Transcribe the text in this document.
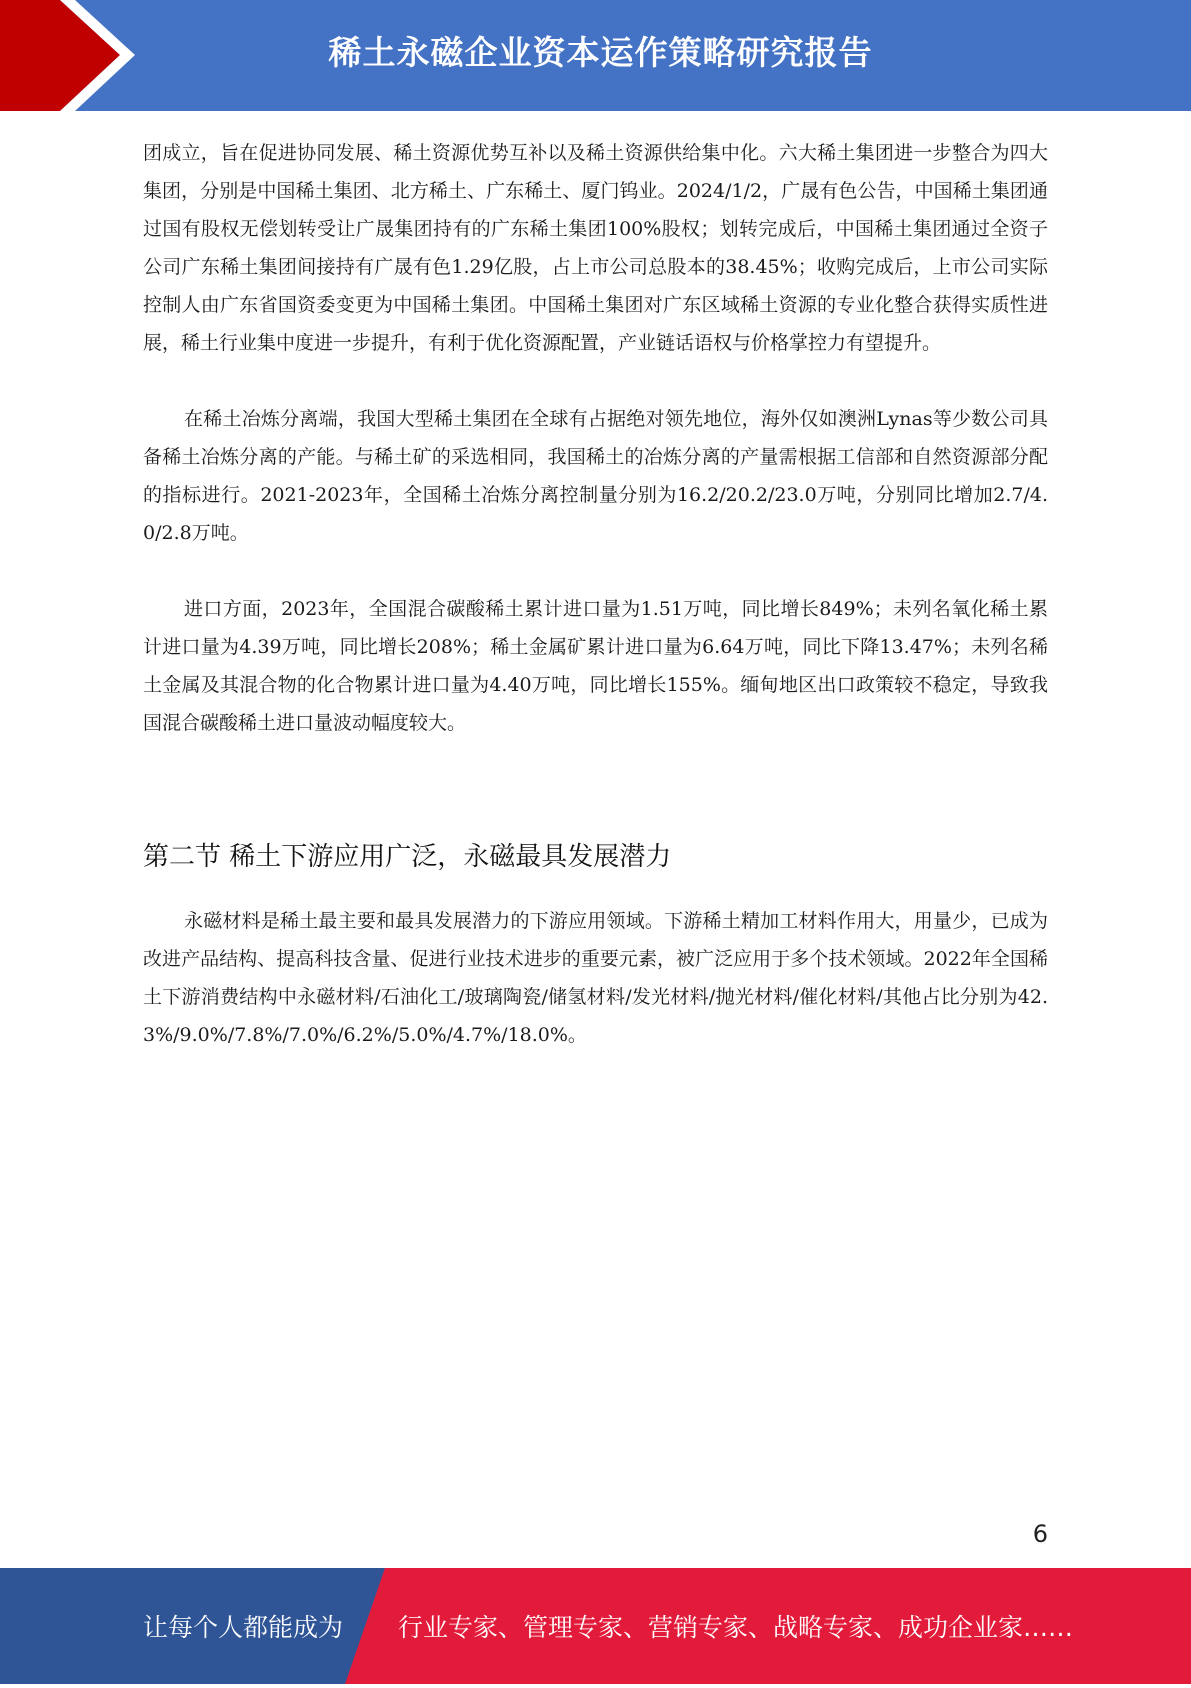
稀土永磁企业资本运作策略研究报告

团成立，旨在促进协同发展、稀土资源优势互补以及稀土资源供给集中化。六大稀土集团进一步整合为四大集团，分别是中国稀土集团、北方稀土、广东稀土、厦门钨业。2024/1/2，广晟有色公告，中国稀土集团通过国有股权无偿划转受让广晟集团持有的广东稀土集团100%股权；划转完成后，中国稀土集团通过全资子公司广东稀土集团间接持有广晟有色1.29亿股，占上市公司总股本的38.45%；收购完成后，上市公司实际控制人由广东省国资委变更为中国稀土集团。中国稀土集团对广东区域稀土资源的专业化整合获得实质性进展，稀土行业集中度进一步提升，有利于优化资源配置，产业链话语权与价格掌控力有望提升。

在稀土冶炼分离端，我国大型稀土集团在全球有占据绝对领先地位，海外仅如澳洲Lynas等少数公司具备稀土冶炼分离的产能。与稀土矿的采选相同，我国稀土的冶炼分离的产量需根据工信部和自然资源部分配的指标进行。2021-2023年，全国稀土冶炼分离控制量分别为16.2/20.2/23.0万吨，分别同比增加2.7/4.0/2.8万吨。

进口方面，2023年，全国混合碳酸稀土累计进口量为1.51万吨，同比增长849%；未列名氧化稀土累计进口量为4.39万吨，同比增长208%；稀土金属矿累计进口量为6.64万吨，同比下降13.47%；未列名稀土金属及其混合物的化合物累计进口量为4.40万吨，同比增长155%。缅甸地区出口政策较不稳定，导致我国混合碳酸稀土进口量波动幅度较大。

第二节 稀土下游应用广泛，永磁最具发展潜力

永磁材料是稀土最主要和最具发展潜力的下游应用领域。下游稀土精加工材料作用大，用量少，已成为改进产品结构、提高科技含量、促进行业技术进步的重要元素，被广泛应用于多个技术领域。2022年全国稀土下游消费结构中永磁材料/石油化工/玻璃陶瓷/储氢材料/发光材料/抛光材料/催化材料/其他占比分别为42.3%/9.0%/7.8%/7.0%/6.2%/5.0%/4.7%/18.0%。

6
让每个人都能成为 行业专家、管理专家、营销专家、战略专家、成功企业家……
